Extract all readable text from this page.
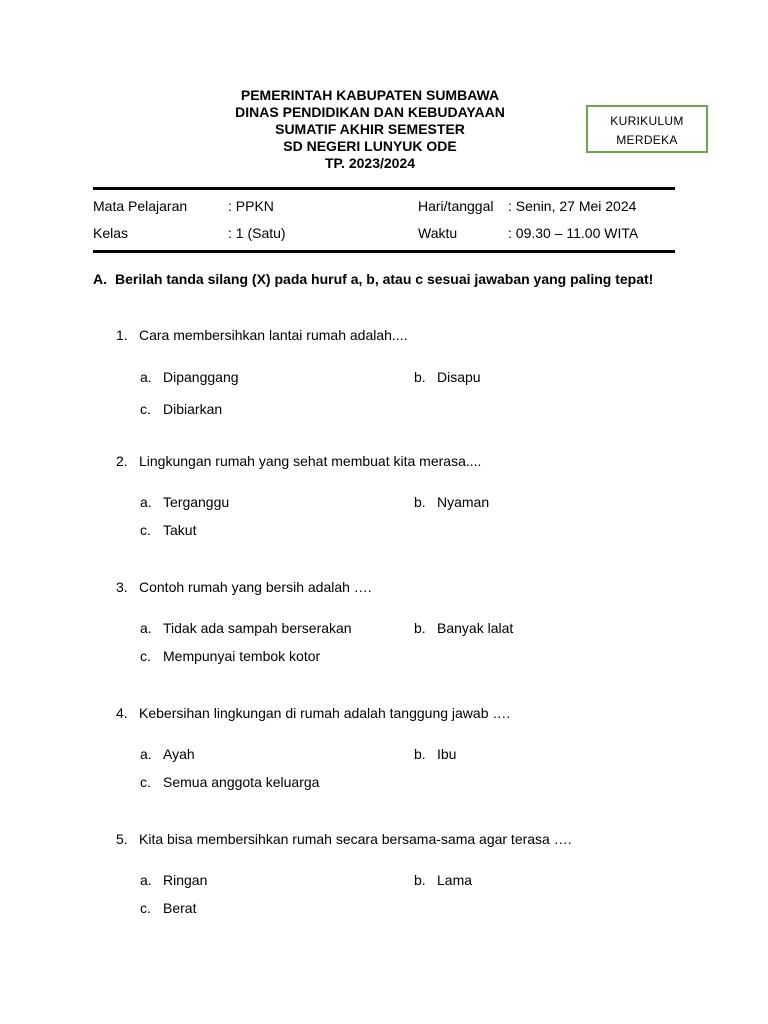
PEMERINTAH KABUPATEN SUMBAWA
DINAS PENDIDIKAN DAN KEBUDAYAAN
SUMATIF AKHIR SEMESTER
SD NEGERI LUNYUK ODE
TP. 2023/2024
KURIKULUM
MERDEKA
Mata Pelajaran	: PPKN	Hari/tanggal : Senin, 27 Mei 2024
Kelas	: 1 (Satu)	Waktu	: 09.30 – 11.00 WITA
A. Berilah tanda silang (X) pada huruf a, b, atau c sesuai jawaban yang paling tepat!
1. Cara membersihkan lantai rumah adalah....
a. Dipanggang	b. Disapu
c. Dibiarkan
2. Lingkungan rumah yang sehat membuat kita merasa....
a. Terganggu	b. Nyaman
c. Takut
3. Contoh rumah yang bersih adalah ….
a. Tidak ada sampah berserakan	b. Banyak lalat
c. Mempunyai tembok kotor
4. Kebersihan lingkungan di rumah adalah tanggung jawab ….
a. Ayah	b. Ibu
c. Semua anggota keluarga
5. Kita bisa membersihkan rumah secara bersama-sama agar terasa ….
a. Ringan	b. Lama
c. Berat
